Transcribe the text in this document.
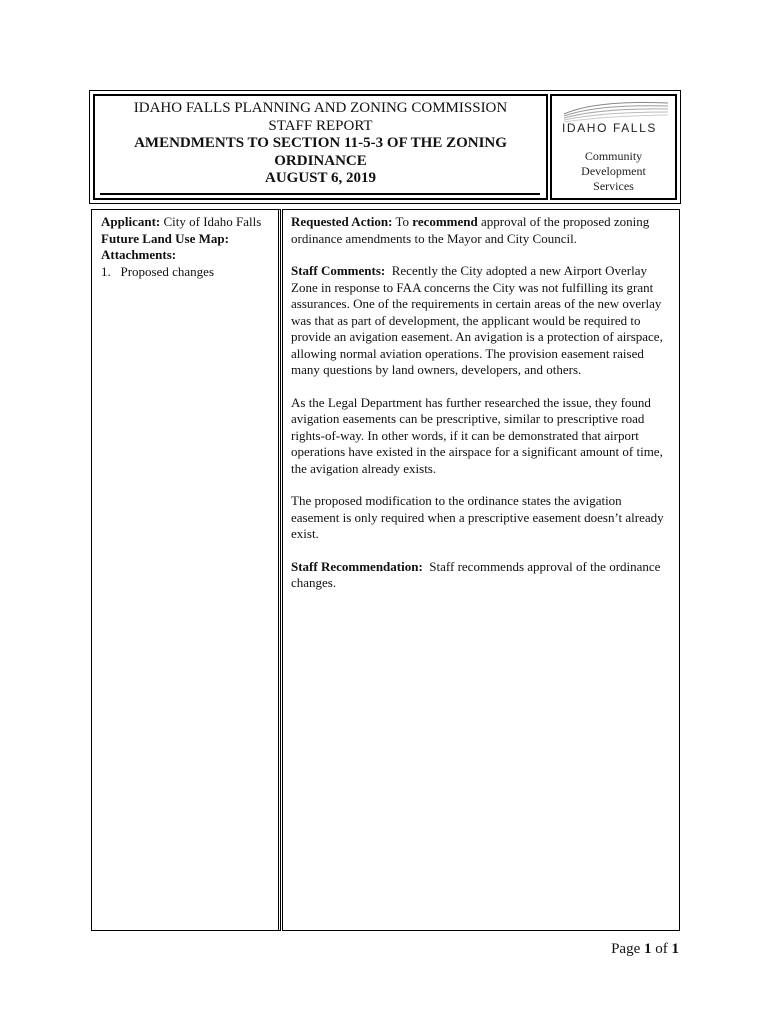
IDAHO FALLS PLANNING AND ZONING COMMISSION
STAFF REPORT
AMENDMENTS TO SECTION 11-5-3 OF THE ZONING
ORDINANCE
AUGUST 6, 2019
IDAHO FALLS
Community
Development
Services
Applicant: City of Idaho Falls
Future Land Use Map:
Attachments:
1. Proposed changes

Requested Action: To recommend approval of the proposed zoning ordinance amendments to the Mayor and City Council.

Staff Comments: Recently the City adopted a new Airport Overlay Zone in response to FAA concerns the City was not fulfilling its grant assurances. One of the requirements in certain areas of the new overlay was that as part of development, the applicant would be required to provide an avigation easement. An avigation is a protection of airspace, allowing normal aviation operations. The provision easement raised many questions by land owners, developers, and others.

As the Legal Department has further researched the issue, they found avigation easements can be prescriptive, similar to prescriptive road rights-of-way. In other words, if it can be demonstrated that airport operations have existed in the airspace for a significant amount of time, the avigation already exists.

The proposed modification to the ordinance states the avigation easement is only required when a prescriptive easement doesn’t already exist.

Staff Recommendation: Staff recommends approval of the ordinance changes.

Page 1 of 1
